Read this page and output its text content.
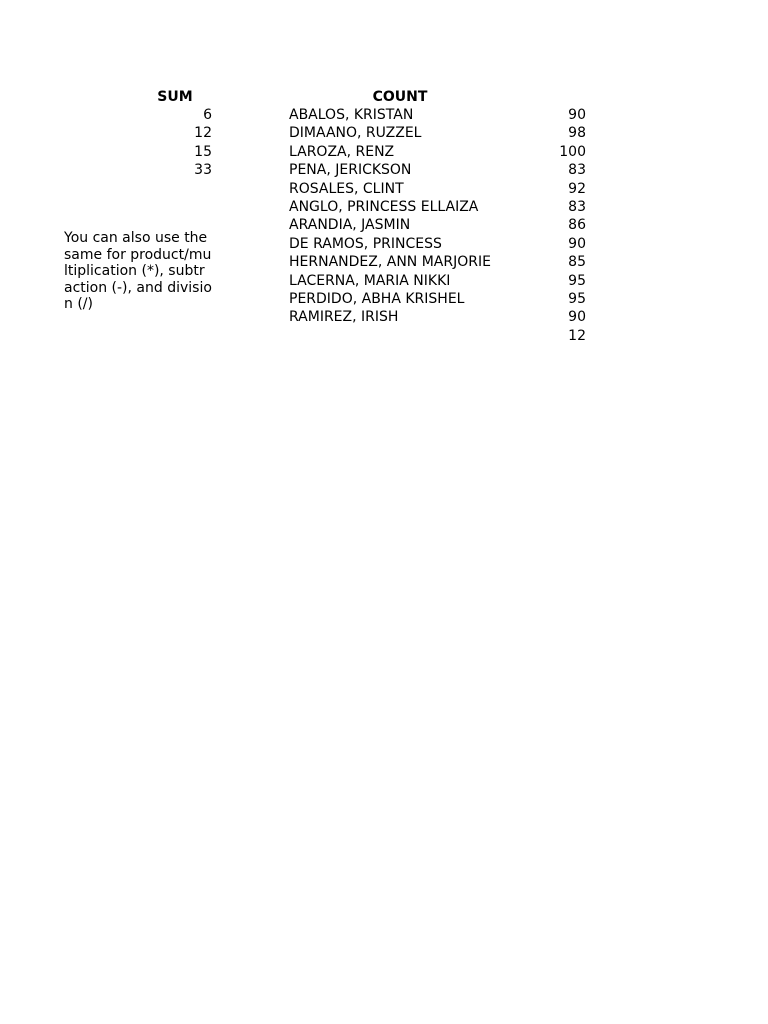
SUM	COUNT
6
12
15
33
You can also use the same for product/multiplication (*), subtraction (-), and division (/)
ABALOS, KRISTAN
DIMAANO, RUZZEL
LAROZA, RENZ
PENA, JERICKSON
ROSALES, CLINT
ANGLO, PRINCESS ELLAIZA
ARANDIA, JASMIN
DE RAMOS, PRINCESS
HERNANDEZ, ANN MARJORIE
LACERNA, MARIA NIKKI
PERDIDO, ABHA KRISHEL
RAMIREZ, IRISH
90
98
100
83
92
83
86
90
85
95
95
90
12
